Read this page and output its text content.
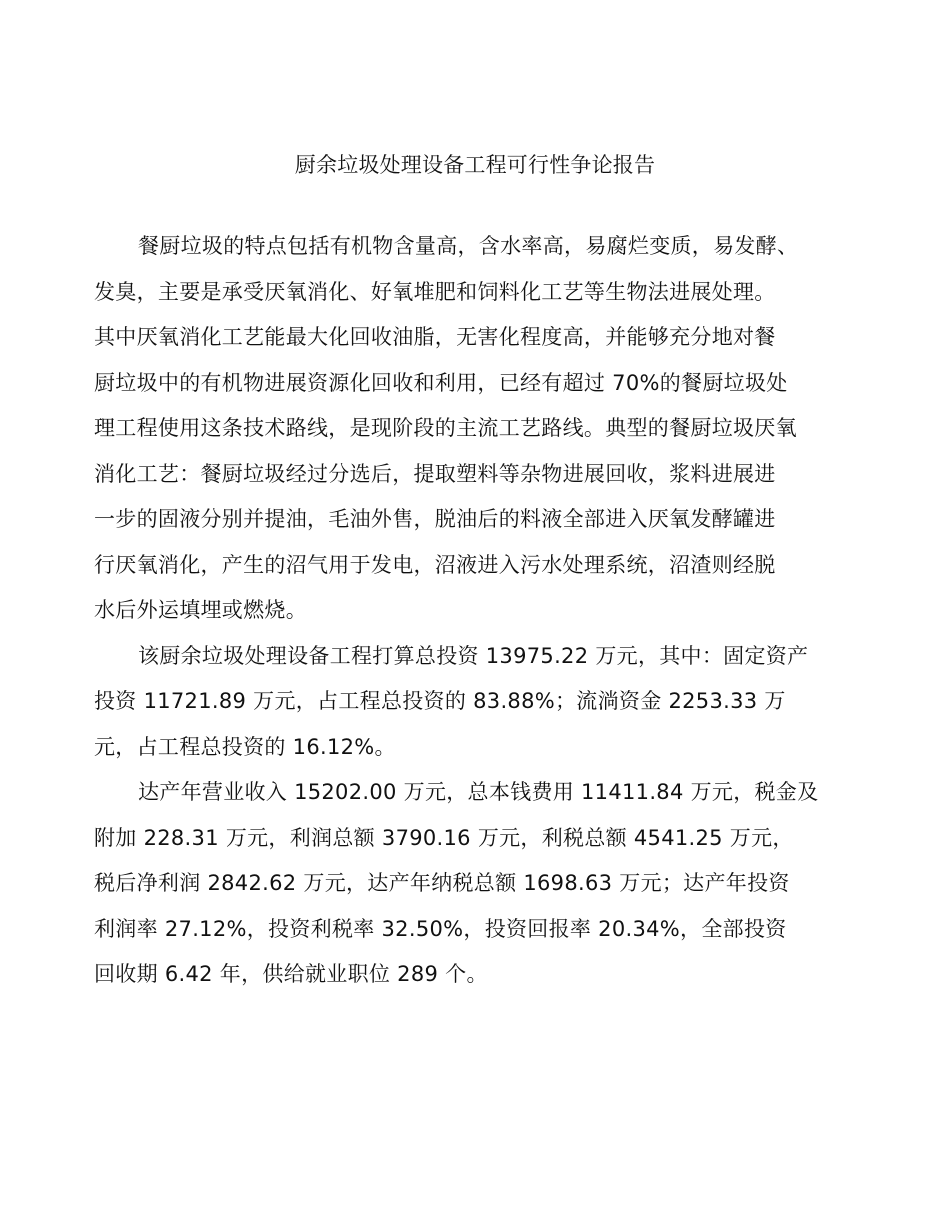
厨余垃圾处理设备工程可行性争论报告
餐厨垃圾的特点包括有机物含量高，含水率高，易腐烂变质，易发酵、
发臭，主要是承受厌氧消化、好氧堆肥和饲料化工艺等生物法进展处理。
其中厌氧消化工艺能最大化回收油脂，无害化程度高，并能够充分地对餐
厨垃圾中的有机物进展资源化回收和利用，已经有超过 70%的餐厨垃圾处
理工程使用这条技术路线，是现阶段的主流工艺路线。典型的餐厨垃圾厌氧
消化工艺：餐厨垃圾经过分选后，提取塑料等杂物进展回收，浆料进展进
一步的固液分别并提油，毛油外售，脱油后的料液全部进入厌氧发酵罐进
行厌氧消化，产生的沼气用于发电，沼液进入污水处理系统，沼渣则经脱
水后外运填埋或燃烧。
该厨余垃圾处理设备工程打算总投资 13975.22 万元，其中：固定资产
投资 11721.89 万元，占工程总投资的 83.88%；流淌资金 2253.33 万
元，占工程总投资的 16.12%。
达产年营业收入 15202.00 万元，总本钱费用 11411.84 万元，税金及
附加 228.31 万元，利润总额 3790.16 万元，利税总额 4541.25 万元，
税后净利润 2842.62 万元，达产年纳税总额 1698.63 万元；达产年投资
利润率 27.12%，投资利税率 32.50%，投资回报率 20.34%，全部投资
回收期 6.42 年，供给就业职位 289 个。
